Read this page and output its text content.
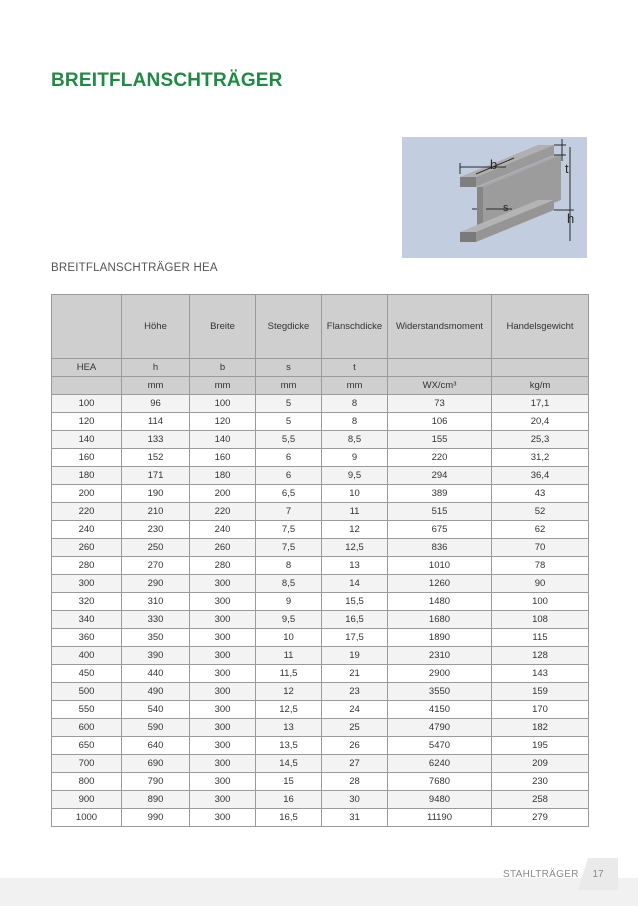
BREITFLANSCHTRÄGER
b	t
s
h
BREITFLANSCHTRÄGER HEA
	Höhe	Breite	Stegdicke	Flanschdicke	Widerstandsmoment	Handelsgewicht
HEA	h	b	s	t		
	mm	mm	mm	mm	WX/cm³	kg/m
100	96	100	5	8	73	17,1
120	114	120	5	8	106	20,4
140	133	140	5,5	8,5	155	25,3
160	152	160	6	9	220	31,2
180	171	180	6	9,5	294	36,4
200	190	200	6,5	10	389	43
220	210	220	7	11	515	52
240	230	240	7,5	12	675	62
260	250	260	7,5	12,5	836	70
280	270	280	8	13	1010	78
300	290	300	8,5	14	1260	90
320	310	300	9	15,5	1480	100
340	330	300	9,5	16,5	1680	108
360	350	300	10	17,5	1890	115
400	390	300	11	19	2310	128
450	440	300	11,5	21	2900	143
500	490	300	12	23	3550	159
550	540	300	12,5	24	4150	170
600	590	300	13	25	4790	182
650	640	300	13,5	26	5470	195
700	690	300	14,5	27	6240	209
800	790	300	15	28	7680	230
900	890	300	16	30	9480	258
1000	990	300	16,5	31	11190	279
STAHLTRÄGER	17
